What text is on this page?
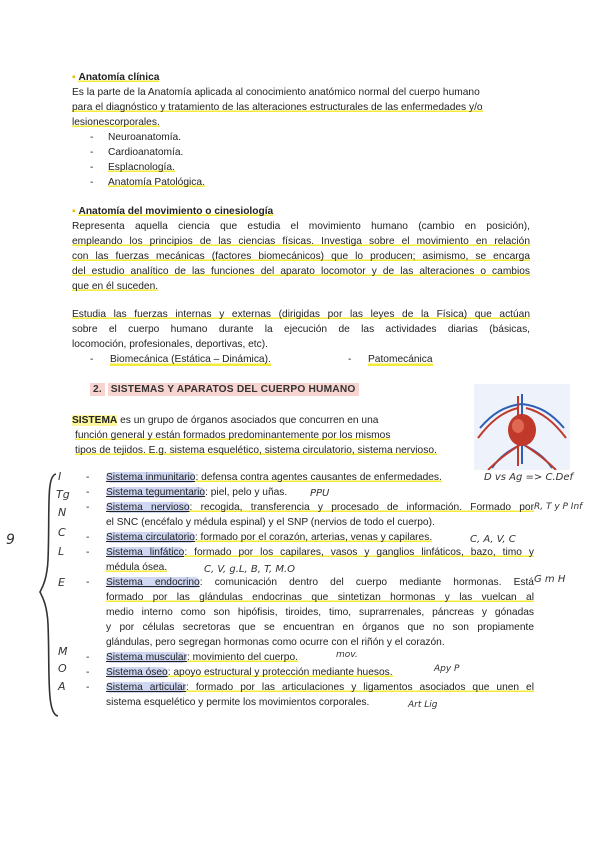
▪ Anatomía clínica
Es la parte de la Anatomía aplicada al conocimiento anatómico normal del cuerpo humano
para el diagnóstico y tratamiento de las alteraciones estructurales de las enfermedades y/o
lesionescorporales.
- Neuroanatomía.
- Cardioanatomía.
- Esplacnología.
- Anatomía Patológica.
▪ Anatomía del movimiento o cinesiología
Representa aquella ciencia que estudia el movimiento humano (cambio en posición),
empleando los principios de las ciencias físicas. Investiga sobre el movimiento en relación
con las fuerzas mecánicas (factores biomecánicos) que lo producen; asimismo, se encarga
del estudio analítico de las funciones del aparato locomotor y de las alteraciones o cambios
que en él suceden.
Estudia las fuerzas internas y externas (dirigidas por las leyes de la Física) que actúan
sobre el cuerpo humano durante la ejecución de las actividades diarias (básicas,
locomoción, profesionales, deportivas, etc).
- Biomecánica (Estática – Dinámica).	- Patomecánica
2. SISTEMAS Y APARATOS DEL CUERPO HUMANO
SISTEMA es un grupo de órganos asociados que concurren en una
función general y están formados predominantemente por los mismos
tipos de tejidos. E.g. sistema esquelético, sistema circulatorio, sistema nervioso.
- Sistema inmunitario: defensa contra agentes causantes de enfermedades.
- Sistema tegumentario: piel, pelo y uñas.
- Sistema nervioso: recogida, transferencia y procesado de información. Formado por
el SNC (encéfalo y médula espinal) y el SNP (nervios de todo el cuerpo).
- Sistema circulatorio: formado por el corazón, arterias, venas y capilares.
- Sistema linfático: formado por los capilares, vasos y ganglios linfáticos, bazo, timo y
médula ósea.
- Sistema endocrino: comunicación dentro del cuerpo mediante hormonas. Está
formado por las glándulas endocrinas que sintetizan hormonas y las vuelcan al
medio interno como son hipófisis, tiroides, timo, suprarrenales, páncreas y gónadas
y por células secretoras que se encuentran en órganos que no son propiamente
glándulas, pero segregan hormonas como ocurre con el riñón y el corazón.
- Sistema muscular: movimiento del cuerpo.
- Sistema óseo: apoyo estructural y protección mediante huesos.
- Sistema articular: formado por las articulaciones y ligamentos asociados que unen el
sistema esquelético y permite los movimientos corporales.
9
I
Tg
N
C
L
E
M
O
A
D vs Ag => C.Def
PPU
R, T y P Inf
C, A, V, C
C, V, g.L, B, T, M.O
G m H
mov.
Apy P
Art Lig
